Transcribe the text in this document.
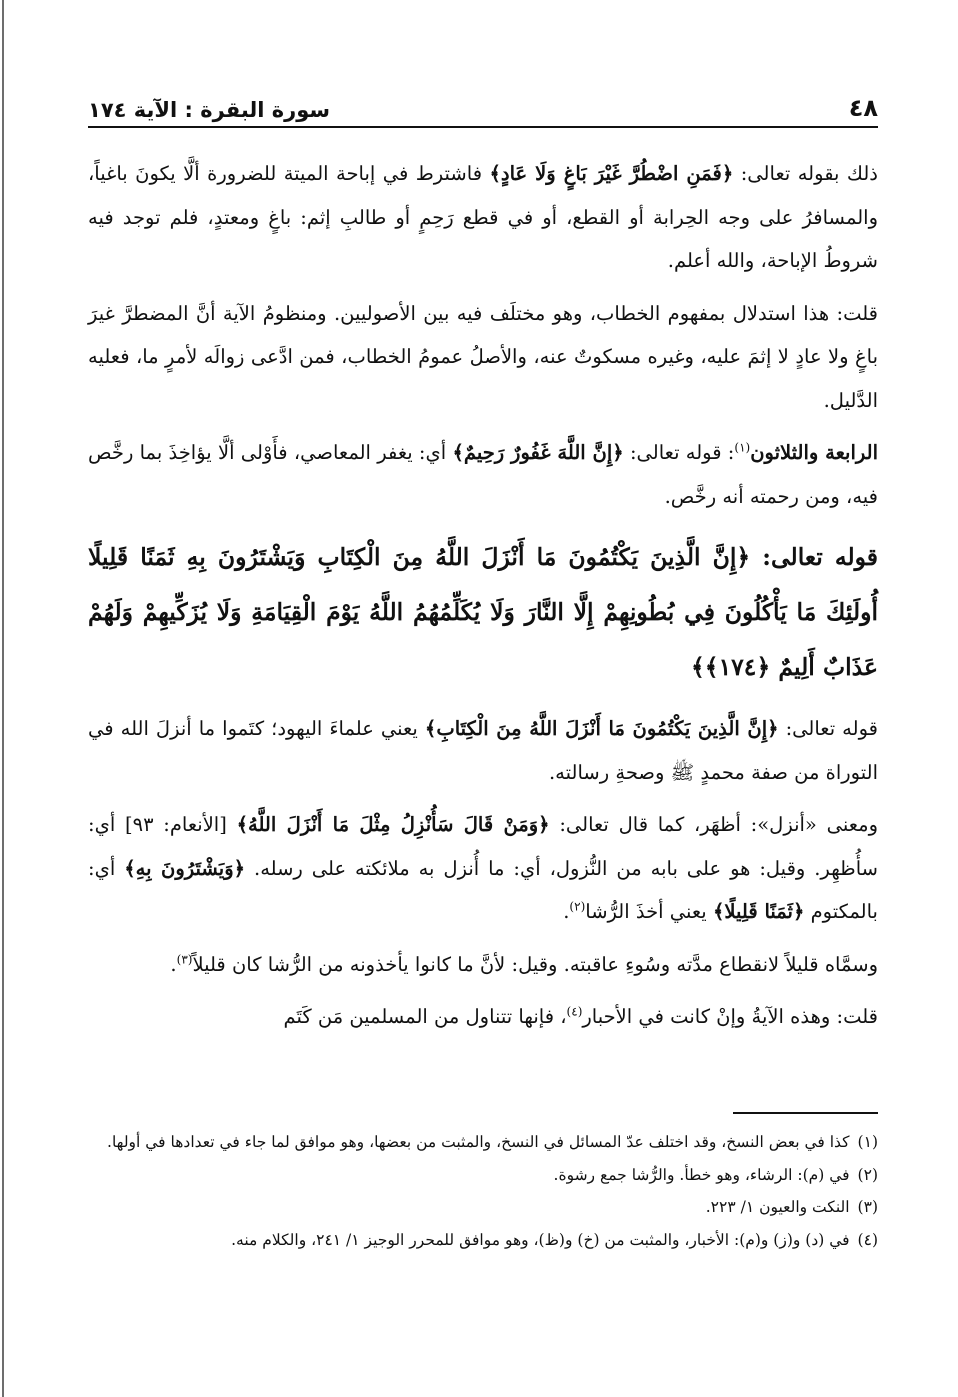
٤٨
سورة البقرة : الآية ١٧٤

ذلك بقوله تعالى: ﴿فَمَنِ اضْطُرَّ غَيْرَ بَاغٍ وَلَا عَادٍ﴾ فاشترط في إباحة الميتة للضرورة ألَّا يكونَ باغياً، والمسافرُ على وجه الحِرابة أو القطع، أو في قطع رَحِمٍ أو طالبِ إثم: باغٍ ومعتدٍ، فلم توجد فيه شروطُ الإباحة، والله أعلم.

قلت: هذا استدلال بمفهوم الخطاب، وهو مختلَف فيه بين الأصوليين. ومنظومُ الآية أنَّ المضطرَّ غيرَ باغٍ ولا عادٍ لا إثمَ عليه، وغيره مسكوتٌ عنه، والأصلُ عمومُ الخطاب، فمن ادَّعى زوالَه لأمرٍ ما، فعليه الدَّليل.

الرابعة والثلاثون$^{(١)}$: قوله تعالى: ﴿إِنَّ اللَّهَ غَفُورٌ رَحِيمٌ﴾ أي: يغفر المعاصي، فأَوْلى ألَّا يؤاخِذَ بما رخَّص فيه، ومن رحمته أنه رخَّص.

قوله تعالى: ﴿إِنَّ الَّذِينَ يَكْتُمُونَ مَا أَنْزَلَ اللَّهُ مِنَ الْكِتَابِ وَيَشْتَرُونَ بِهِ ثَمَنًا قَلِيلًا أُولَئِكَ مَا يَأْكُلُونَ فِي بُطُونِهِمْ إِلَّا النَّارَ وَلَا يُكَلِّمُهُمُ اللَّهُ يَوْمَ الْقِيَامَةِ وَلَا يُزَكِّيهِمْ وَلَهُمْ عَذَابٌ أَلِيمٌ ﴿١٧٤﴾﴾

قوله تعالى: ﴿إِنَّ الَّذِينَ يَكْتُمُونَ مَا أَنْزَلَ اللَّهُ مِنَ الْكِتَابِ﴾ يعني علماءَ اليهود؛ كتَموا ما أنزلَ الله في التوراة من صفة محمدٍ ﷺ وصحةِ رسالته.

ومعنى «أنزل»: أظهَر، كما قال تعالى: ﴿وَمَنْ قَالَ سَأُنْزِلُ مِثْلَ مَا أَنْزَلَ اللَّهُ﴾ [الأنعام: ٩٣] أي: سأُظهِر. وقيل: هو على بابه من النُّزول، أي: ما أُنزل به ملائكته على رسله. ﴿وَيَشْتَرُونَ بِهِ﴾ أي: بالمكتوم ﴿ثَمَنًا قَلِيلًا﴾ يعني أخذَ الرُّشا$^{(٢)}$.

وسمَّاه قليلاً لانقطاع مدَّته وسُوءِ عاقبته. وقيل: لأنَّ ما كانوا يأخذونه من الرُّشا كان قليلاً$^{(٣)}$.

قلت: وهذه الآيةُ وإنْ كانت في الأحبار$^{(٤)}$، فإنها تتناول من المسلمين مَن كَتَم

(١)كذا في بعض النسخ، وقد اختلف عدّ المسائل في النسخ، والمثبت من بعضها، وهو موافق لما جاء في تعدادها في أولها.

(٢)في (م): الرشاء، وهو خطأ. والرُّشا جمع رشوة.

(٣)النكت والعيون ١/ ٢٢٣.

(٤)في (د) و(ز) و(م): الأخبار، والمثبت من (خ) و(ظ)، وهو موافق للمحرر الوجيز ١/ ٢٤١، والكلام منه.
